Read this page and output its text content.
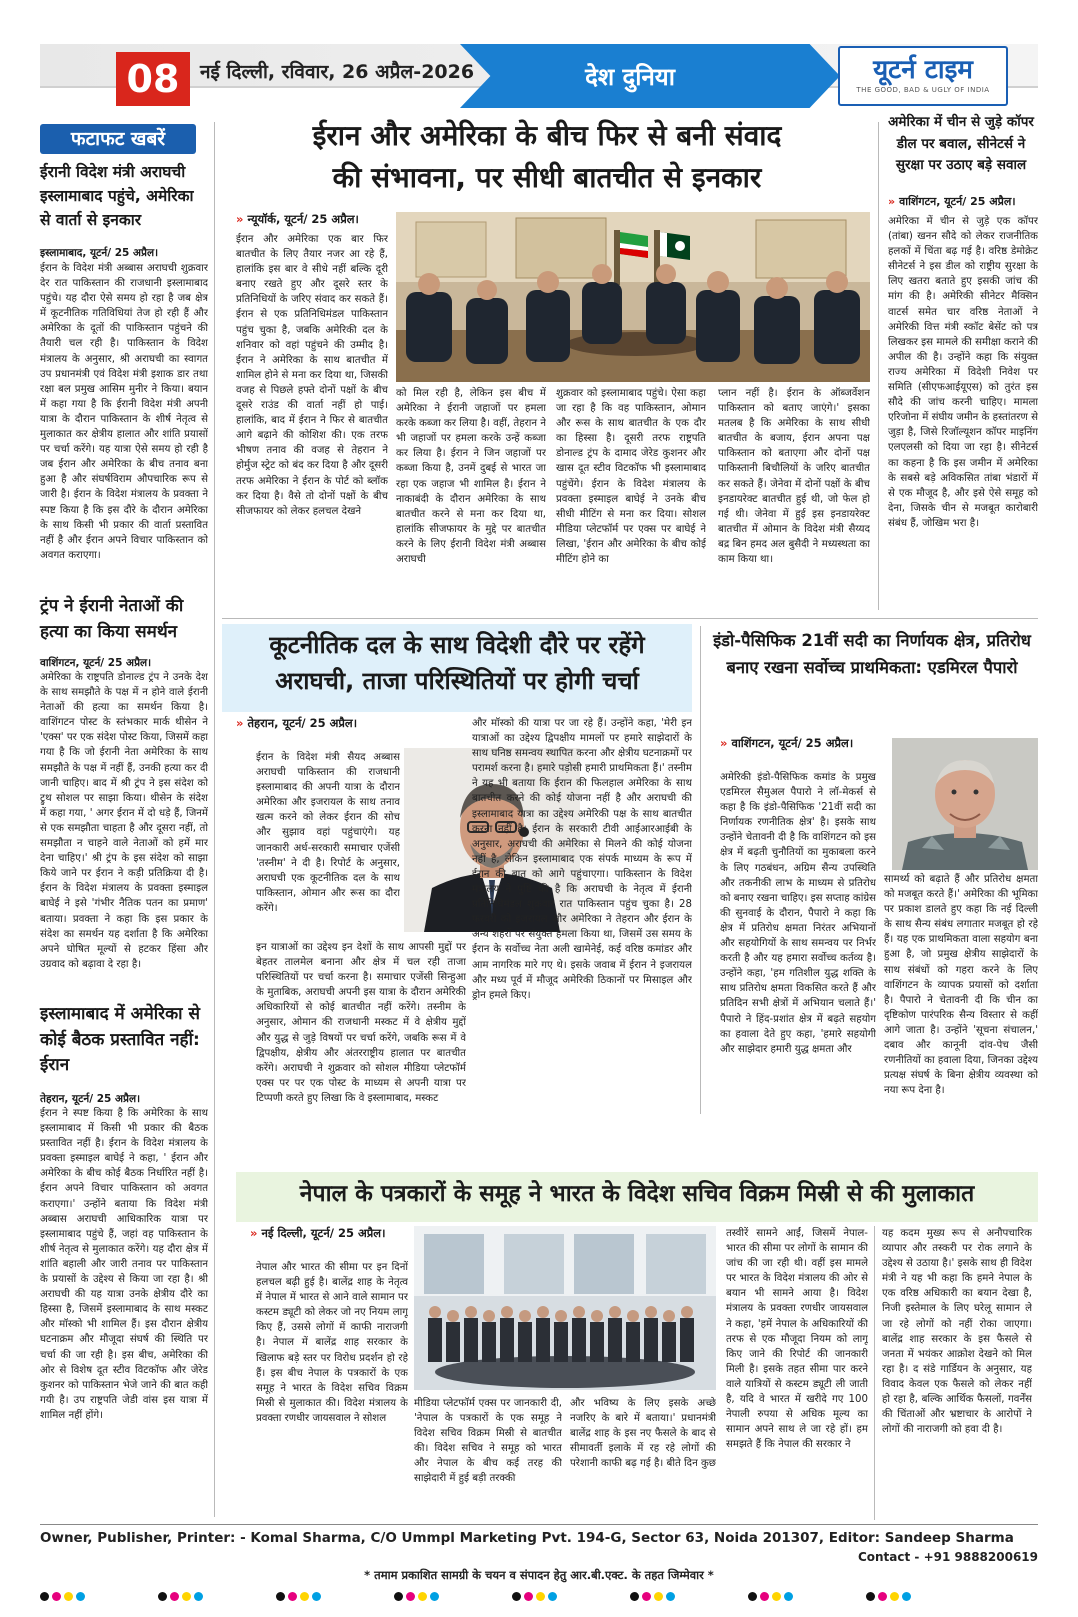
08	नई दिल्ली, रविवार, 26 अप्रैल-2026	देश दुनिया	यूटर्न टाइम
THE GOOD, BAD & UGLY OF INDIA
फटाफट खबरें
ईरानी विदेश मंत्री अराघची इस्लामाबाद पहुंचे, अमेरिका से वार्ता से इनकार
इस्लामाबाद, यूटर्न/ 25 अप्रैल।
ईरान के विदेश मंत्री अब्बास अराघची शुक्रवार देर रात पाकिस्तान की राजधानी इस्लामाबाद पहुंचे। यह दौरा ऐसे समय हो रहा है जब क्षेत्र में कूटनीतिक गतिविधियां तेज हो रही हैं और अमेरिका के दूतों की पाकिस्तान पहुंचने की तैयारी चल रही है। पाकिस्तान के विदेश मंत्रालय के अनुसार, श्री अराघची का स्वागत उप प्रधानमंत्री एवं विदेश मंत्री इशाक डार तथा रक्षा बल प्रमुख आसिम मुनीर ने किया। बयान में कहा गया है कि ईरानी विदेश मंत्री अपनी यात्रा के दौरान पाकिस्तान के शीर्ष नेतृत्व से मुलाकात कर क्षेत्रीय हालात और शांति प्रयासों पर चर्चा करेंगे। यह यात्रा ऐसे समय हो रही है जब ईरान और अमेरिका के बीच तनाव बना हुआ है और संघर्षविराम औपचारिक रूप से जारी है। ईरान के विदेश मंत्रालय के प्रवक्ता ने स्पष्ट किया है कि इस दौरे के दौरान अमेरिका के साथ किसी भी प्रकार की वार्ता प्रस्तावित नहीं है और ईरान अपने विचार पाकिस्तान को अवगत कराएगा।
ट्रंप ने ईरानी नेताओं की हत्या का किया समर्थन
वाशिंगटन, यूटर्न/ 25 अप्रैल।
अमेरिका के राष्ट्रपति डोनाल्ड ट्रंप ने उनके देश के साथ समझौते के पक्ष में न होने वाले ईरानी नेताओं की हत्या का समर्थन किया है। वाशिंगटन पोस्ट के स्तंभकार मार्क थीसेन ने 'एक्स' पर एक संदेश पोस्ट किया, जिसमें कहा गया है कि जो ईरानी नेता अमेरिका के साथ समझौते के पक्ष में नहीं हैं, उनकी हत्या कर दी जानी चाहिए। बाद में श्री ट्रंप ने इस संदेश को ट्रुथ सोशल पर साझा किया। थीसेन के संदेश में कहा गया, ' अगर ईरान में दो धड़े हैं, जिनमें से एक समझौता चाहता है और दूसरा नहीं, तो समझौता न चाहने वाले नेताओं को हमें मार देना चाहिए।' श्री ट्रंप के इस संदेश को साझा किये जाने पर ईरान ने कड़ी प्रतिक्रिया दी है। ईरान के विदेश मंत्रालय के प्रवक्ता इस्माइल बाघेई ने इसे 'गंभीर नैतिक पतन का प्रमाण' बताया। प्रवक्ता ने कहा कि इस प्रकार के संदेश का समर्थन यह दर्शाता है कि अमेरिका अपने घोषित मूल्यों से हटकर हिंसा और उग्रवाद को बढ़ावा दे रहा है।
इस्लामाबाद में अमेरिका से कोई बैठक प्रस्तावित नहीं: ईरान
तेहरान, यूटर्न/ 25 अप्रैल।
ईरान ने स्पष्ट किया है कि अमेरिका के साथ इस्लामाबाद में किसी भी प्रकार की बैठक प्रस्तावित नहीं है। ईरान के विदेश मंत्रालय के प्रवक्ता इस्माइल बाघेई ने कहा, ' ईरान और अमेरिका के बीच कोई बैठक निर्धारित नहीं है। ईरान अपने विचार पाकिस्तान को अवगत कराएगा।' उन्होंने बताया कि विदेश मंत्री अब्बास अराघची आधिकारिक यात्रा पर इस्लामाबाद पहुंचे हैं, जहां वह पाकिस्तान के शीर्ष नेतृत्व से मुलाकात करेंगे। यह दौरा क्षेत्र में शांति बहाली और जारी तनाव पर पाकिस्तान के प्रयासों के उद्देश्य से किया जा रहा है। श्री अराघची की यह यात्रा उनके क्षेत्रीय दौरे का हिस्सा है, जिसमें इस्लामाबाद के साथ मस्कट और मॉस्को भी शामिल हैं। इस दौरान क्षेत्रीय घटनाक्रम और मौजूदा संघर्ष की स्थिति पर चर्चा की जा रही है। इस बीच, अमेरिका की ओर से विशेष दूत स्टीव विटकॉफ और जेरेड कुशनर को पाकिस्तान भेजे जाने की बात कही गयी है। उप राष्ट्रपति जेडी वांस इस यात्रा में शामिल नहीं होंगे।
ईरान और अमेरिका के बीच फिर से बनी संवाद
की संभावना, पर सीधी बातचीत से इनकार
» न्यूयॉर्क, यूटर्न/ 25 अप्रैल।
ईरान और अमेरिका एक बार फिर बातचीत के लिए तैयार नजर आ रहे हैं, हालांकि इस बार वे सीधे नहीं बल्कि दूरी बनाए रखते हुए और दूसरे स्तर के प्रतिनिधियों के जरिए संवाद कर सकते हैं। ईरान से एक प्रतिनिधिमंडल पाकिस्तान पहुंच चुका है, जबकि अमेरिकी दल के शनिवार को वहां पहुंचने की उम्मीद है। ईरान ने अमेरिका के साथ बातचीत में शामिल होने से मना कर दिया था, जिसकी वजह से पिछले हफ्ते दोनों पक्षों के बीच दूसरे राउंड की वार्ता नहीं हो पाई। हालांकि, बाद में ईरान ने फिर से बातचीत आगे बढ़ाने की कोशिश की। एक तरफ भीषण तनाव की वजह से तेहरान ने होर्मुज स्ट्रेट को बंद कर दिया है और दूसरी तरफ अमेरिका ने ईरान के पोर्ट को ब्लॉक कर दिया है। वैसे तो दोनों पक्षों के बीच सीजफायर को लेकर हलचल देखने
को मिल रही है, लेकिन इस बीच में अमेरिका ने ईरानी जहाजों पर हमला करके कब्जा कर लिया है। वहीं, तेहरान ने भी जहाजों पर हमला करके उन्हें कब्जा कर लिया है। ईरान ने जिन जहाजों पर कब्जा किया है, उनमें दुबई से भारत जा रहा एक जहाज भी शामिल है। ईरान ने नाकाबंदी के दौरान अमेरिका के साथ बातचीत करने से मना कर दिया था, हालांकि सीजफायर के मुद्दे पर बातचीत करने के लिए ईरानी विदेश मंत्री अब्बास अराघची
शुक्रवार को इस्लामाबाद पहुंचे। ऐसा कहा जा रहा है कि वह पाकिस्तान, ओमान और रूस के साथ बातचीत के एक दौर का हिस्सा है। दूसरी तरफ राष्ट्रपति डोनाल्ड ट्रंप के दामाद जेरेड कुशनर और खास दूत स्टीव विटकॉफ भी इस्लामाबाद पहुंचेंगे। ईरान के विदेश मंत्रालय के प्रवक्ता इस्माइल बाघेई ने उनके बीच सीधी मीटिंग से मना कर दिया। सोशल मीडिया प्लेटफॉर्म पर एक्स पर बाघेई ने लिखा, 'ईरान और अमेरिका के बीच कोई मीटिंग होने का
प्लान नहीं है। ईरान के ऑब्जर्वेशन पाकिस्तान को बताए जाएंगे।' इसका मतलब है कि अमेरिका के साथ सीधी बातचीत के बजाय, ईरान अपना पक्ष पाकिस्तान को बताएगा और दोनों पक्ष पाकिस्तानी बिचौलियों के जरिए बातचीत कर सकते हैं। जेनेवा में दोनों पक्षों के बीच इनडायरेक्ट बातचीत हुई थी, जो फेल हो गई थी। जेनेवा में हुई इस इनडायरेक्ट बातचीत में ओमान के विदेश मंत्री सैय्यद बद्र बिन हमद अल बुसैदी ने मध्यस्थता का काम किया था।
अमेरिका में चीन से जुड़े कॉपर डील पर बवाल, सीनेटर्स ने सुरक्षा पर उठाए बड़े सवाल
» वाशिंगटन, यूटर्न/ 25 अप्रैल।
अमेरिका में चीन से जुड़े एक कॉपर (तांबा) खनन सौदे को लेकर राजनीतिक हलकों में चिंता बढ़ गई है। वरिष्ठ डेमोक्रेट सीनेटर्स ने इस डील को राष्ट्रीय सुरक्षा के लिए खतरा बताते हुए इसकी जांच की मांग की है। अमेरिकी सीनेटर मैक्सिन वाटर्स समेत चार वरिष्ठ नेताओं ने अमेरिकी वित्त मंत्री स्कॉट बेसेंट को पत्र लिखकर इस मामले की समीक्षा कराने की अपील की है। उन्होंने कहा कि संयुक्त राज्य अमेरिका में विदेशी निवेश पर समिति (सीएफआईयूएस) को तुरंत इस सौदे की जांच करनी चाहिए। मामला एरिजोना में संघीय जमीन के हस्तांतरण से जुड़ा है, जिसे रिजॉल्यूशन कॉपर माइनिंग एलएलसी को दिया जा रहा है। सीनेटर्स का कहना है कि इस जमीन में अमेरिका के सबसे बड़े अविकसित तांबा भंडारों में से एक मौजूद है, और इसे ऐसे समूह को देना, जिसके चीन से मजबूत कारोबारी संबंध हैं, जोखिम भरा है।
कूटनीतिक दल के साथ विदेशी दौरे पर रहेंगे
अराघची, ताजा परिस्थितियों पर होगी चर्चा
» तेहरान, यूटर्न/ 25 अप्रैल।
ईरान के विदेश मंत्री सैयद अब्बास अराघची पाकिस्तान की राजधानी इस्लामाबाद की अपनी यात्रा के दौरान अमेरिका और इजरायल के साथ तनाव खत्म करने को लेकर ईरान की सोच और सुझाव वहां पहुंचाएंगे। यह जानकारी अर्ध-सरकारी समाचार एजेंसी 'तस्नीम' ने दी है। रिपोर्ट के अनुसार, अराघची एक कूटनीतिक दल के साथ पाकिस्तान, ओमान और रूस का दौरा करेंगे।
इन यात्राओं का उद्देश्य इन देशों के साथ आपसी मुद्दों पर बेहतर तालमेल बनाना और क्षेत्र में चल रही ताजा परिस्थितियों पर चर्चा करना है। समाचार एजेंसी सिन्हुआ के मुताबिक, अराघची अपनी इस यात्रा के दौरान अमेरिकी अधिकारियों से कोई बातचीत नहीं करेंगे। तस्नीम के अनुसार, ओमान की राजधानी मस्कट में वे क्षेत्रीय मुद्दों और युद्ध से जुड़े विषयों पर चर्चा करेंगे, जबकि रूस में वे द्विपक्षीय, क्षेत्रीय और अंतरराष्ट्रीय हालात पर बातचीत करेंगे। अराघची ने शुक्रवार को सोशल मीडिया प्लेटफॉर्म एक्स पर पर एक पोस्ट के माध्यम से अपनी यात्रा पर टिप्पणी करते हुए लिखा कि वे इस्लामाबाद, मस्कट
और मॉस्को की यात्रा पर जा रहे हैं। उन्होंने कहा, 'मेरी इन यात्राओं का उद्देश्य द्विपक्षीय मामलों पर हमारे साझेदारों के साथ घनिष्ठ समन्वय स्थापित करना और क्षेत्रीय घटनाक्रमों पर परामर्श करना है। हमारे पड़ोसी हमारी प्राथमिकता हैं।' तस्नीम ने यह भी बताया कि ईरान की फिलहाल अमेरिका के साथ बातचीत करने की कोई योजना नहीं है और अराघची की इस्लामाबाद यात्रा का उद्देश्य अमेरिकी पक्ष के साथ बातचीत करना नहीं है। ईरान के सरकारी टीवी आईआरआईबी के अनुसार, अराघची की अमेरिका से मिलने की कोई योजना नहीं है, लेकिन इस्लामाबाद एक संपर्क माध्यम के रूप में ईरान की बात को आगे पहुंचाएगा। पाकिस्तान के विदेश मंत्रालय ने पुष्टि की है कि अराघची के नेतृत्व में ईरानी प्रतिनिधिमंडल शुक्रवार रात पाकिस्तान पहुंच चुका है। 28 फरवरी को इजरायल और अमेरिका ने तेहरान और ईरान के अन्य शहरों पर संयुक्त हमला किया था, जिसमें उस समय के ईरान के सर्वोच्च नेता अली खामेनेई, कई वरिष्ठ कमांडर और आम नागरिक मारे गए थे। इसके जवाब में ईरान ने इजरायल और मध्य पूर्व में मौजूद अमेरिकी ठिकानों पर मिसाइल और ड्रोन हमले किए।
इंडो-पैसिफिक 21वीं सदी का निर्णायक क्षेत्र, प्रतिरोध बनाए रखना सर्वोच्च प्राथमिकता: एडमिरल पैपारो
» वाशिंगटन, यूटर्न/ 25 अप्रैल।
अमेरिकी इंडो-पैसिफिक कमांड के प्रमुख एडमिरल सैमुअल पैपारो ने लॉ-मेकर्स से कहा है कि इंडो-पैसिफिक '21वीं सदी का निर्णायक रणनीतिक क्षेत्र' है। इसके साथ उन्होंने चेतावनी दी है कि वाशिंगटन को इस क्षेत्र में बढ़ती चुनौतियों का मुकाबला करने के लिए गठबंधन, अग्रिम सैन्य उपस्थिति और तकनीकी लाभ के माध्यम से प्रतिरोध को बनाए रखना चाहिए। इस सप्ताह कांग्रेस की सुनवाई के दौरान, पैपारो ने कहा कि क्षेत्र में प्रतिरोध क्षमता निरंतर अभियानों और सहयोगियों के साथ समन्वय पर निर्भर करती है और यह हमारा सर्वोच्च कर्तव्य है। उन्होंने कहा, 'हम गतिशील युद्ध शक्ति के साथ प्रतिरोध क्षमता विकसित करते हैं और प्रतिदिन सभी क्षेत्रों में अभियान चलाते हैं।' पैपारो ने हिंद-प्रशांत क्षेत्र में बढ़ते सहयोग का हवाला देते हुए कहा, 'हमारे सहयोगी और साझेदार हमारी युद्ध क्षमता और
सामर्थ्य को बढ़ाते हैं और प्रतिरोध क्षमता को मजबूत करते हैं।' अमेरिका की भूमिका पर प्रकाश डालते हुए कहा कि नई दिल्ली के साथ सैन्य संबंध लगातार मजबूत हो रहे हैं। यह एक प्राथमिकता वाला सहयोग बना हुआ है, जो प्रमुख क्षेत्रीय साझेदारों के साथ संबंधों को गहरा करने के लिए वाशिंगटन के व्यापक प्रयासों को दर्शाता है। पैपारो ने चेतावनी दी कि चीन का दृष्टिकोण पारंपरिक सैन्य विस्तार से कहीं आगे जाता है। उन्होंने 'सूचना संचालन,' दबाव और कानूनी दांव-पेच जैसी रणनीतियों का हवाला दिया, जिनका उद्देश्य प्रत्यक्ष संघर्ष के बिना क्षेत्रीय व्यवस्था को नया रूप देना है।
नेपाल के पत्रकारों के समूह ने भारत के विदेश सचिव विक्रम मिस्री से की मुलाकात
» नई दिल्ली, यूटर्न/ 25 अप्रैल।
नेपाल और भारत की सीमा पर इन दिनों हलचल बढ़ी हुई है। बालेंद्र शाह के नेतृत्व में नेपाल में भारत से आने वाले सामान पर कस्टम ड्यूटी को लेकर जो नए नियम लागू किए हैं, उससे लोगों में काफी नाराजगी है। नेपाल में बालेंद्र शाह सरकार के खिलाफ बड़े स्तर पर विरोध प्रदर्शन हो रहे हैं। इस बीच नेपाल के पत्रकारों के एक समूह ने भारत के विदेश सचिव विक्रम मिस्री से मुलाकात की। विदेश मंत्रालय के प्रवक्ता रणधीर जायसवाल ने सोशल
मीडिया प्लेटफॉर्म एक्स पर जानकारी दी, 'नेपाल के पत्रकारों के एक समूह ने विदेश सचिव विक्रम मिस्री से बातचीत की। विदेश सचिव ने समूह को भारत और नेपाल के बीच कई तरह की साझेदारी में हुई बड़ी तरक्की
और भविष्य के लिए इसके अच्छे नजरिए के बारे में बताया।' प्रधानमंत्री बालेंद्र शाह के इस नए फैसले के बाद से सीमावर्ती इलाके में रह रहे लोगों की परेशानी काफी बढ़ गई है। बीते दिन कुछ
तस्वीरें सामने आईं, जिसमें नेपाल-भारत की सीमा पर लोगों के सामान की जांच की जा रही थी। वहीं इस मामले पर भारत के विदेश मंत्रालय की ओर से बयान भी सामने आया है। विदेश मंत्रालय के प्रवक्ता रणधीर जायसवाल ने कहा, 'हमें नेपाल के अधिकारियों की तरफ से एक मौजूदा नियम को लागू किए जाने की रिपोर्ट की जानकारी मिली है। इसके तहत सीमा पार करने वाले यात्रियों से कस्टम ड्यूटी ली जाती है, यदि वे भारत में खरीदे गए 100 नेपाली रुपया से अधिक मूल्य का सामान अपने साथ ले जा रहे हों। हम समझते हैं कि नेपाल की सरकार ने
यह कदम मुख्य रूप से अनौपचारिक व्यापार और तस्करी पर रोक लगाने के उद्देश्य से उठाया है।' इसके साथ ही विदेश मंत्री ने यह भी कहा कि हमने नेपाल के एक वरिष्ठ अधिकारी का बयान देखा है, निजी इस्तेमाल के लिए घरेलू सामान ले जा रहे लोगों को नहीं रोका जाएगा। बालेंद्र शाह सरकार के इस फैसले से जनता में भयंकर आक्रोश देखने को मिल रहा है। द संडे गार्डियन के अनुसार, यह विवाद केवल एक फैसले को लेकर नहीं हो रहा है, बल्कि आर्थिक फैसलों, गवर्नेंस की चिंताओं और भ्रष्टाचार के आरोपों ने लोगों की नाराजगी को हवा दी है।
Owner, Publisher, Printer: - Komal Sharma, C/O Ummpl Marketing Pvt. 194-G, Sector 63, Noida 201307, Editor: Sandeep Sharma
Contact - +91 9888200619
* तमाम प्रकाशित सामग्री के चयन व संपादन हेतु आर.बी.एक्ट. के तहत जिम्मेवार *
